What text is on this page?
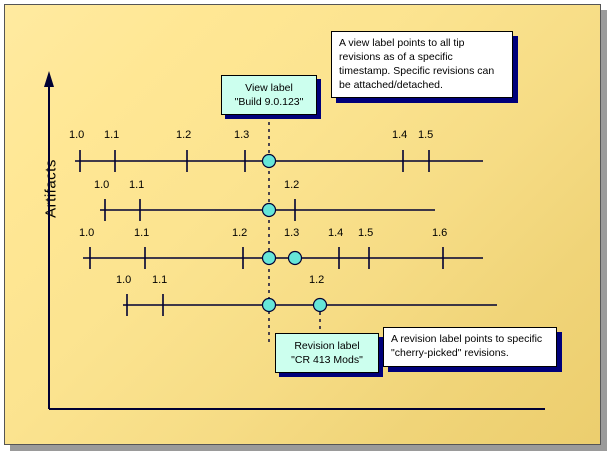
Artifacts
1.0 1.1	1.2	1.3	1.4 1.5
1.0 1.1	1.2
1.0	1.1	1.2	1.3	1.4 1.5	1.6
1.0 1.1	1.2
View label
"Build 9.0.123"
Revision label
"CR 413 Mods"
A view label points to all tip revisions as of a specific timestamp. Specific revisions can be attached/detached.
A revision label points to specific "cherry-picked" revisions.
